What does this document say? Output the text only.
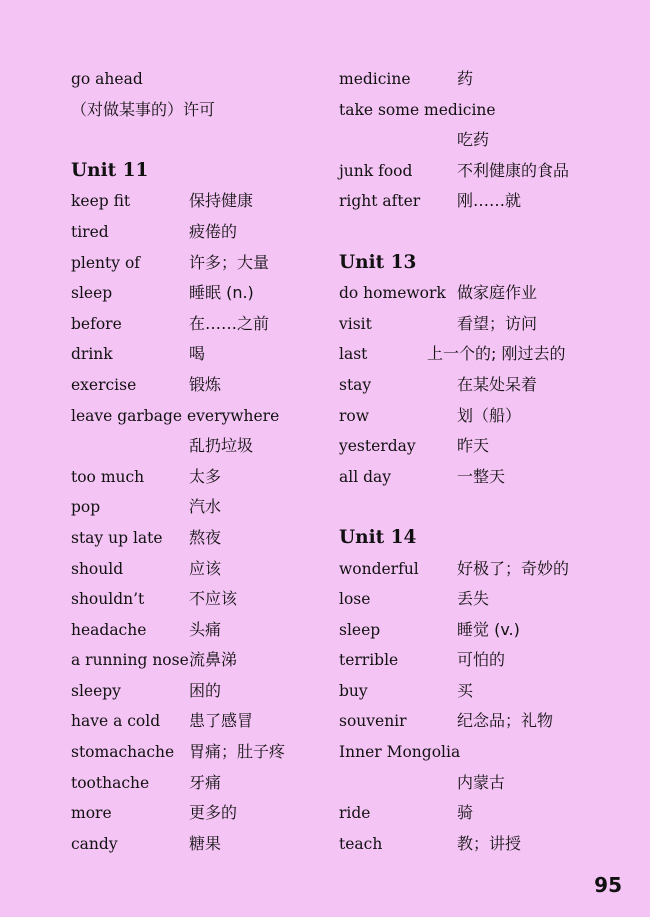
go ahead
（对做某事的）许可
Unit 11
keep fit	保持健康
tired	疲倦的
plenty of	许多；大量
sleep	睡眠 (n.)
before	在……之前
drink	喝
exercise	锻炼
leave garbage everywhere
乱扔垃圾
too much	太多
pop	汽水
stay up late 熬夜
should	应该
shouldn’t	不应该
headache	头痛
a running nose 流鼻涕
sleepy	困的
have a cold 患了感冒
stomachache 胃痛；肚子疼
toothache 牙痛
more	更多的
candy	糖果
medicine	药
take some medicine
吃药
junk food	不利健康的食品
right after 刚……就
Unit 13
do homework 做家庭作业
visit	看望；访问
last	上一个的; 刚过去的
stay	在某处呆着
row	划（船）
yesterday	昨天
all day	一整天
Unit 14
wonderful 好极了；奇妙的
lose	丢失
sleep	睡觉 (v.)
terrible	可怕的
buy	买
souvenir	纪念品；礼物
Inner Mongolia
内蒙古
ride	骑
teach	教；讲授
95
